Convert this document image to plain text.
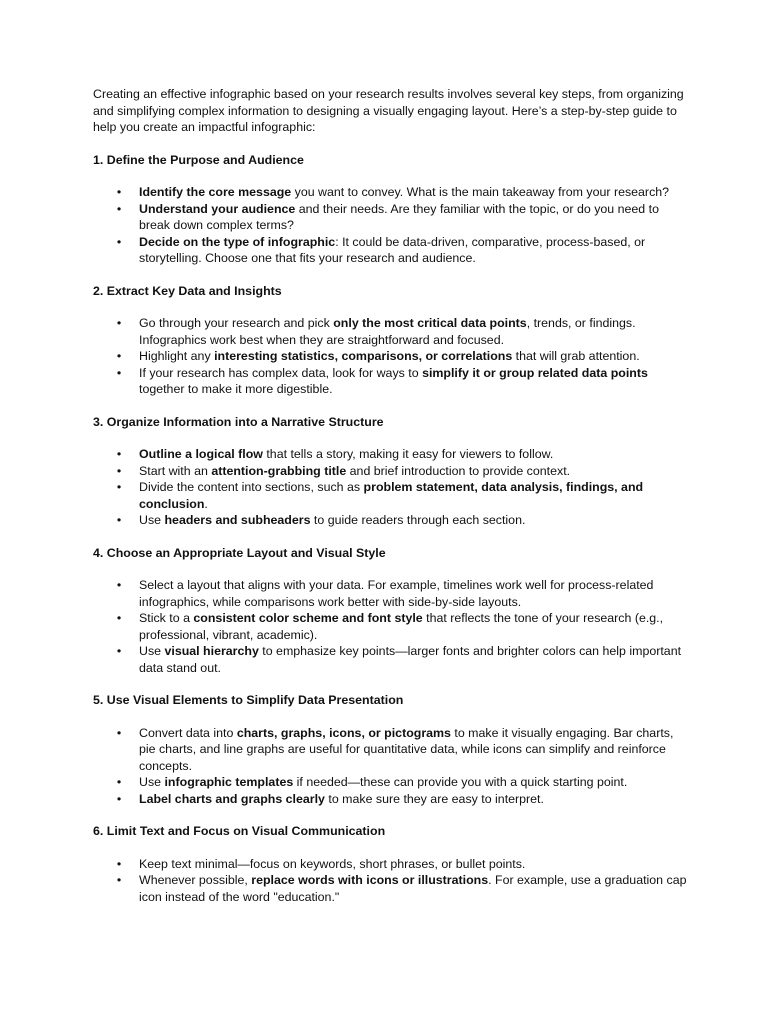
Creating an effective infographic based on your research results involves several key steps, from organizing and simplifying complex information to designing a visually engaging layout. Here’s a step-by-step guide to help you create an impactful infographic:

1. Define the Purpose and Audience

• Identify the core message you want to convey. What is the main takeaway from your research?
• Understand your audience and their needs. Are they familiar with the topic, or do you need to break down complex terms?
• Decide on the type of infographic: It could be data-driven, comparative, process-based, or storytelling. Choose one that fits your research and audience.

2. Extract Key Data and Insights

• Go through your research and pick only the most critical data points, trends, or findings. Infographics work best when they are straightforward and focused.
• Highlight any interesting statistics, comparisons, or correlations that will grab attention.
• If your research has complex data, look for ways to simplify it or group related data points together to make it more digestible.

3. Organize Information into a Narrative Structure

• Outline a logical flow that tells a story, making it easy for viewers to follow.
• Start with an attention-grabbing title and brief introduction to provide context.
• Divide the content into sections, such as problem statement, data analysis, findings, and conclusion.
• Use headers and subheaders to guide readers through each section.

4. Choose an Appropriate Layout and Visual Style

• Select a layout that aligns with your data. For example, timelines work well for process-related infographics, while comparisons work better with side-by-side layouts.
• Stick to a consistent color scheme and font style that reflects the tone of your research (e.g., professional, vibrant, academic).
• Use visual hierarchy to emphasize key points—larger fonts and brighter colors can help important data stand out.

5. Use Visual Elements to Simplify Data Presentation

• Convert data into charts, graphs, icons, or pictograms to make it visually engaging. Bar charts, pie charts, and line graphs are useful for quantitative data, while icons can simplify and reinforce concepts.
• Use infographic templates if needed—these can provide you with a quick starting point.
• Label charts and graphs clearly to make sure they are easy to interpret.

6. Limit Text and Focus on Visual Communication

• Keep text minimal—focus on keywords, short phrases, or bullet points.
• Whenever possible, replace words with icons or illustrations. For example, use a graduation cap icon instead of the word "education."
